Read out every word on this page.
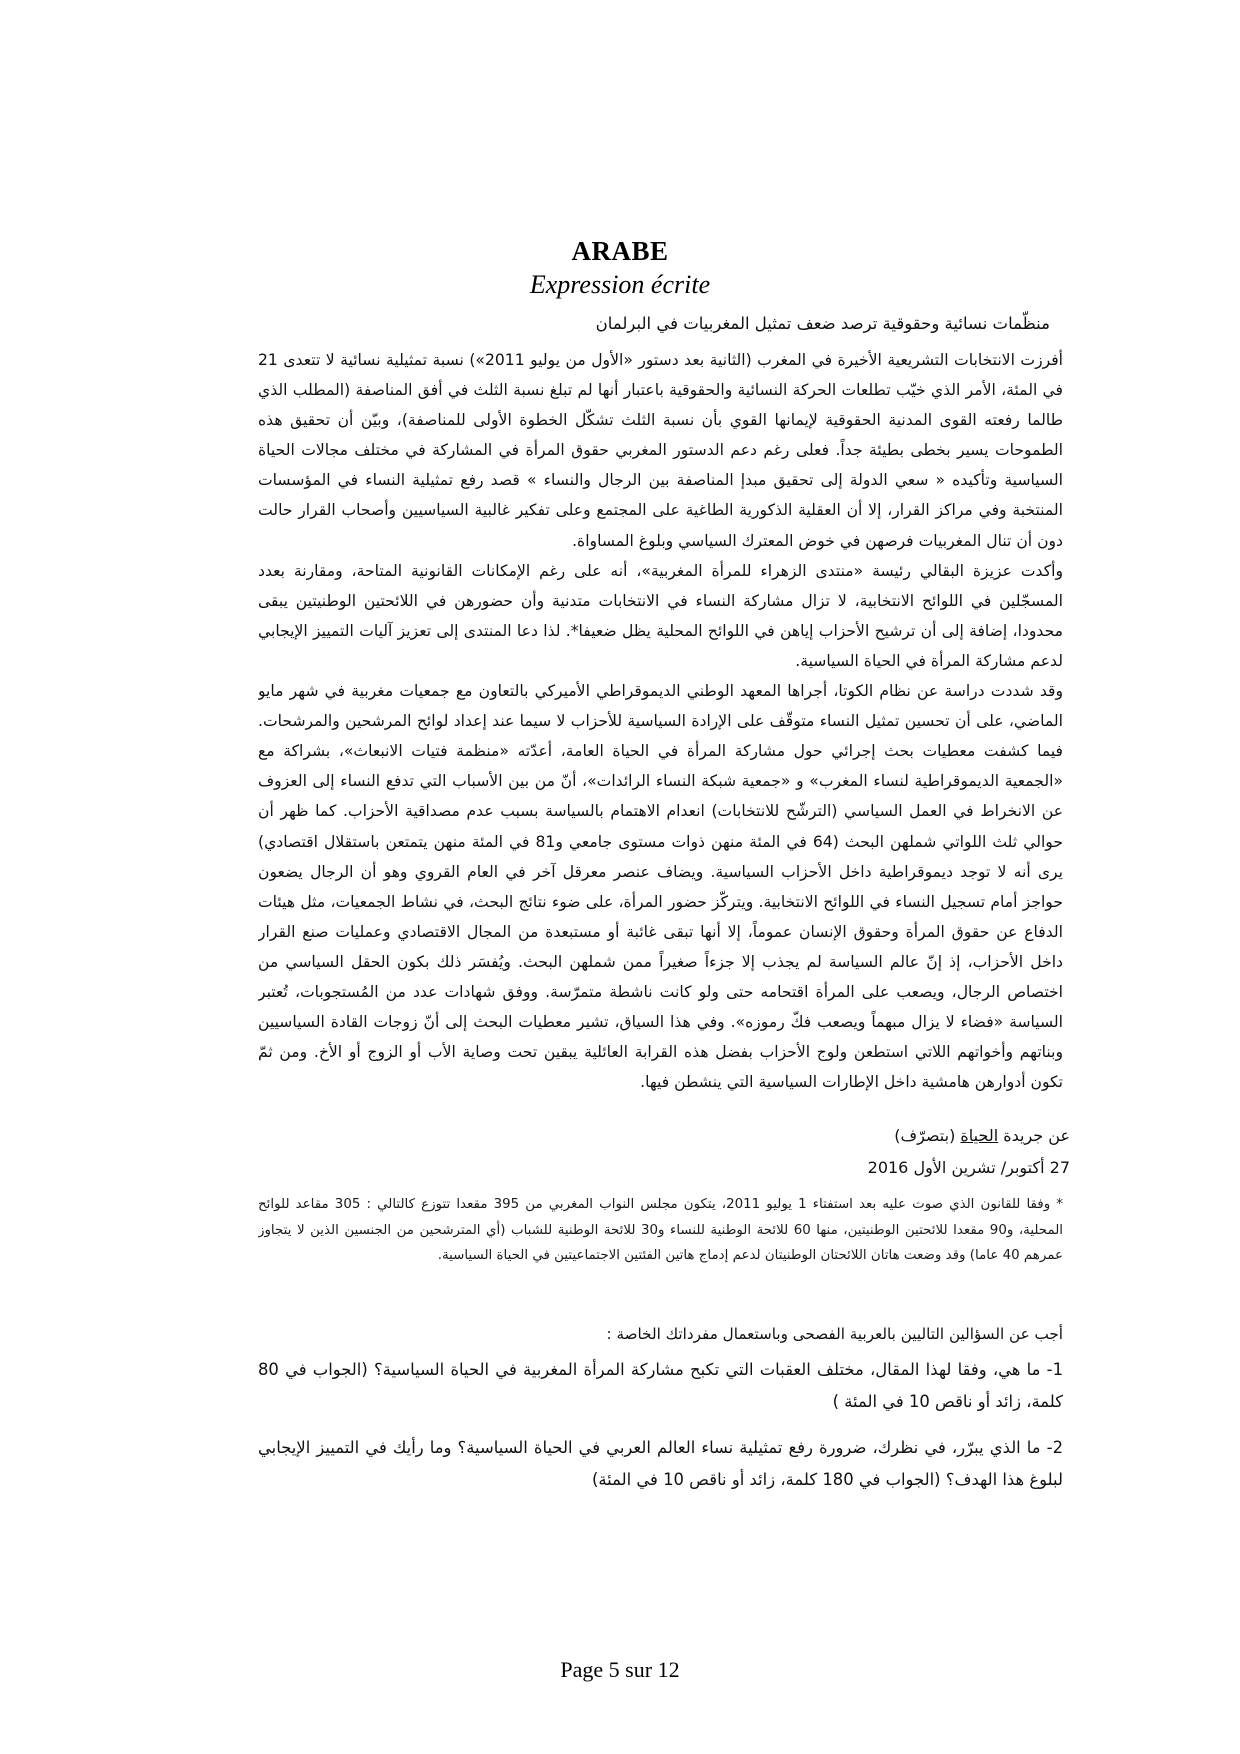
ARABE
Expression écrite
منظّمات نسائية وحقوقية ترصد ضعف تمثيل المغربيات في البرلمان

أفرزت الانتخابات التشريعية الأخيرة في المغرب (الثانية بعد دستور «الأول من يوليو 2011») نسبة تمثيلية نسائية لا تتعدى 21 في المئة، الأمر الذي خيّب تطلعات الحركة النسائية والحقوقية باعتبار أنها لم تبلغ نسبة الثلث في أفق المناصفة (المطلب الذي طالما رفعته القوى المدنية الحقوقية لإيمانها القوي بأن نسبة الثلث تشكّل الخطوة الأولى للمناصفة)، وبيّن أن تحقيق هذه الطموحات يسير بخطى بطيئة جداً. فعلى رغم دعم الدستور المغربي حقوق المرأة في المشاركة في مختلف مجالات الحياة السياسية وتأكيده « سعي الدولة إلى تحقيق مبدإ المناصفة بين الرجال والنساء » قصد رفع تمثيلية النساء في المؤسسات المنتخبة وفي مراكز القرار، إلا أن العقلية الذكورية الطاغية على المجتمع وعلى تفكير غالبية السياسيين وأصحاب القرار حالت دون أن تنال المغربيات فرصهن في خوض المعترك السياسي وبلوغ المساواة.

وأكدت عزيزة البقالي رئيسة «منتدى الزهراء للمرأة المغربية»، أنه على رغم الإمكانات القانونية المتاحة، ومقارنة بعدد المسجّلين في اللوائح الانتخابية، لا تزال مشاركة النساء في الانتخابات متدنية وأن حضورهن في اللائحتين الوطنيتين يبقى محدودا، إضافة إلى أن ترشيح الأحزاب إياهن في اللوائح المحلية يظل ضعيفا*. لذا دعا المنتدى إلى تعزيز آليات التمييز الإيجابي لدعم مشاركة المرأة في الحياة السياسية.

وقد شددت دراسة عن نظام الكوتا، أجراها المعهد الوطني الديموقراطي الأميركي بالتعاون مع جمعيات مغربية في شهر مايو الماضي، على أن تحسين تمثيل النساء متوقّف على الإرادة السياسية للأحزاب لا سيما عند إعداد لوائح المرشحين والمرشحات. فيما كشفت معطيات بحث إجرائي حول مشاركة المرأة في الحياة العامة، أعدّته «منظمة فتيات الانبعاث»، بشراكة مع «الجمعية الديموقراطية لنساء المغرب» و «جمعية شبكة النساء الرائدات»، أنّ من بين الأسباب التي تدفع النساء إلى العزوف عن الانخراط في العمل السياسي (الترشّح للانتخابات) انعدام الاهتمام بالسياسة بسبب عدم مصداقية الأحزاب. كما ظهر أن حوالي ثلث اللواتي شملهن البحث (64 في المئة منهن ذوات مستوى جامعي و81 في المئة منهن يتمتعن باستقلال اقتصادي) يرى أنه لا توجد ديموقراطية داخل الأحزاب السياسية. ويضاف عنصر معرقل آخر في العام القروي وهو أن الرجال يضعون حواجز أمام تسجيل النساء في اللوائح الانتخابية. ويتركّز حضور المرأة، على ضوء نتائج البحث، في نشاط الجمعيات، مثل هيئات الدفاع عن حقوق المرأة وحقوق الإنسان عموماً، إلا أنها تبقى غائبة أو مستبعدة من المجال الاقتصادي وعمليات صنع القرار داخل الأحزاب، إذ إنّ عالم السياسة لم يجذب إلا جزءاً صغيراً ممن شملهن البحث. ويُفسَر ذلك بكون الحقل السياسي من اختصاص الرجال، ويصعب على المرأة اقتحامه حتى ولو كانت ناشطة متمرّسة. ووفق شهادات عدد من المُستجوبات، تُعتبر السياسة «فضاء لا يزال مبهماً ويصعب فكّ رموزه». وفي هذا السياق، تشير معطيات البحث إلى أنّ زوجات القادة السياسيين وبناتهم وأخواتهم اللاتي استطعن ولوج الأحزاب بفضل هذه القرابة العائلية يبقين تحت وصاية الأب أو الزوج أو الأخ. ومن ثمّ تكون أدوارهن هامشية داخل الإطارات السياسية التي ينشطن فيها.

عن جريدة الحياة (بتصرّف)
27 أكتوبر/ تشرين الأول 2016
* وفقا للقانون الذي صوت عليه بعد استفتاء 1 يوليو 2011، يتكون مجلس النواب المغربي من 395 مقعدا تتوزع كالتالي : 305 مقاعد للوائح المحلية، و90 مقعدا للائحتين الوطنيتين، منها 60 للائحة الوطنية للنساء و30 للائحة الوطنية للشباب (أي المترشحين من الجنسين الذين لا يتجاوز عمرهم 40 عاما) وقد وضعت هاتان اللائحتان الوطنيتان لدعم إدماج هاتين الفئتين الاجتماعيتين في الحياة السياسية.

أجب عن السؤالين التاليين بالعربية الفصحى وباستعمال مفرداتك الخاصة :

1- ما هي، وفقا لهذا المقال، مختلف العقبات التي تكبح مشاركة المرأة المغربية في الحياة السياسية؟ (الجواب في 80 كلمة، زائد أو ناقص 10 في المئة )

2- ما الذي يبرّر، في نظرك، ضرورة رفع تمثيلية نساء العالم العربي في الحياة السياسية؟ وما رأيك في التمييز الإيجابي لبلوغ هذا الهدف؟ (الجواب في 180 كلمة، زائد أو ناقص 10 في المئة)

Page 5 sur 12
